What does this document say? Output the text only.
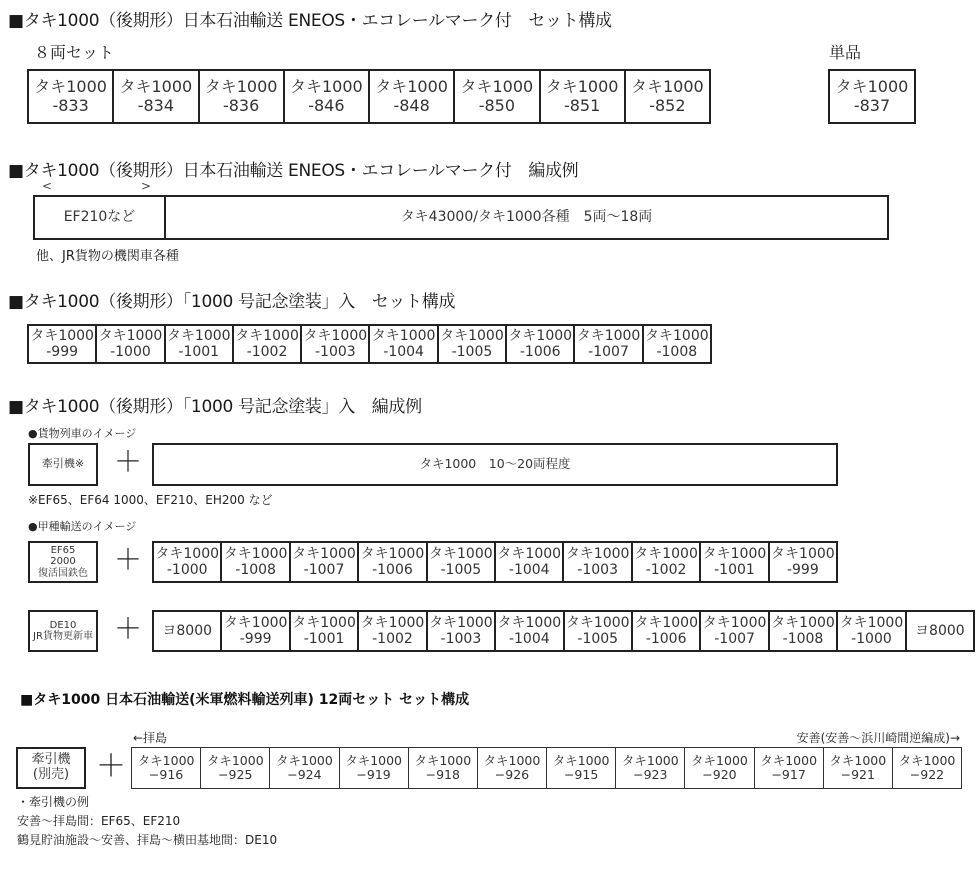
■タキ1000（後期形）日本石油輸送 ENEOS・エコレールマーク付　セット構成
８両セット	単品
タキ1000
-833
タキ1000
-834
タキ1000
-836
タキ1000
-846
タキ1000
-848
タキ1000
-850
タキ1000
-851
タキ1000
-852
タキ1000
-837
■タキ1000（後期形）日本石油輸送 ENEOS・エコレールマーク付　編成例
<	>
EF210など	タキ43000/タキ1000各種　5両〜18両
他、JR貨物の機関車各種
■タキ1000（後期形）「1000 号記念塗装」入　セット構成
タキ1000
-999
タキ1000
-1000
タキ1000
-1001
タキ1000
-1002
タキ1000
-1003
タキ1000
-1004
タキ1000
-1005
タキ1000
-1006
タキ1000
-1007
タキ1000
-1008
■タキ1000（後期形）「1000 号記念塗装」入　編成例
●貨物列車のイメージ
牽引機※ ＋	タキ1000　10〜20両程度
※EF65、EF64 1000、EF210、EH200 など
●甲種輸送のイメージ
EF65
2000
復活国鉄色 ＋ タキ1000
-1000
タキ1000
-1008
タキ1000
-1007
タキ1000
-1006
タキ1000
-1005
タキ1000
-1004
タキ1000
-1003
タキ1000
-1002
タキ1000
-1001
タキ1000
-999
DE10
JR貨物更新車 ＋ ヨ8000
タキ1000
-999
タキ1000
-1001
タキ1000
-1002
タキ1000
-1003
タキ1000
-1004
タキ1000
-1005
タキ1000
-1006
タキ1000
-1007
タキ1000
-1008
タキ1000
-1000
ヨ8000
■タキ1000 日本石油輸送(米軍燃料輸送列車) 12両セット セット構成
←拝島	安善(安善〜浜川崎間逆編成)→
牽引機
(別売) ＋ タキ1000
−916
タキ1000
−925
タキ1000
−924
タキ1000
−919
タキ1000
−918
タキ1000
−926
タキ1000
−915
タキ1000
−923
タキ1000
−920
タキ1000
−917
タキ1000
−921
タキ1000
−922
・牽引機の例
安善〜拝島間：EF65、EF210
鶴見貯油施設〜安善、拝島〜横田基地間：DE10
